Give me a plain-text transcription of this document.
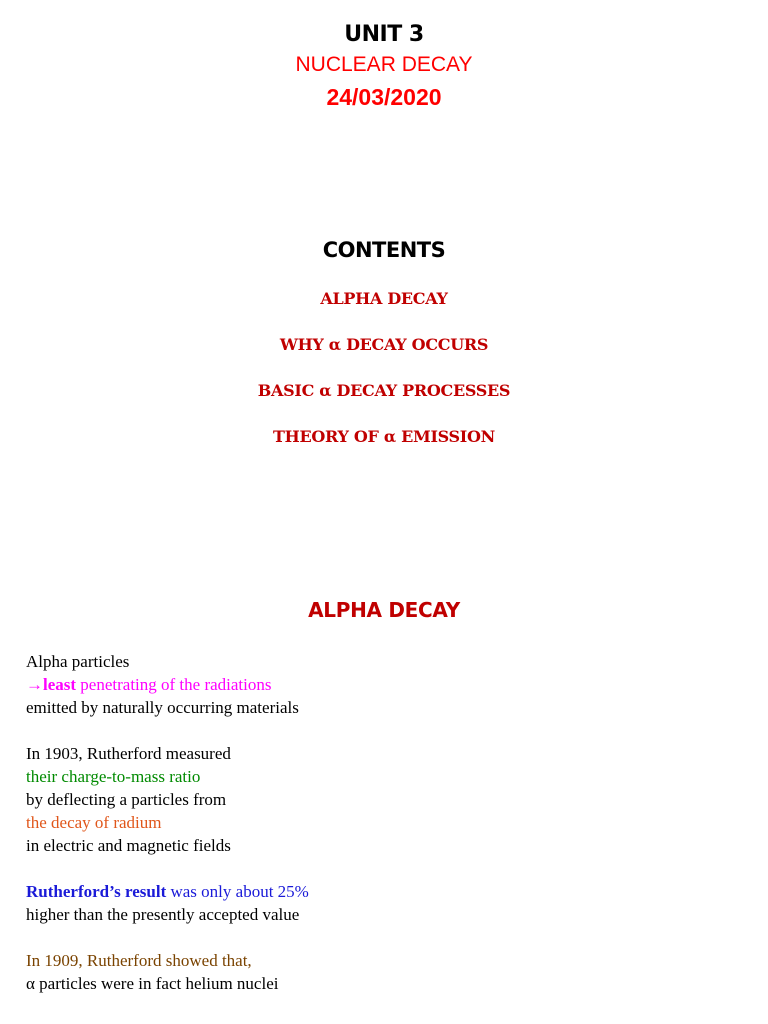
UNIT 3
NUCLEAR DECAY
24/03/2020
CONTENTS
ALPHA DECAY
WHY α DECAY OCCURS
BASIC α DECAY PROCESSES
THEORY OF α EMISSION
ALPHA DECAY
Alpha particles
→least penetrating of the radiations
emitted by naturally occurring materials
In 1903, Rutherford measured
their charge-to-mass ratio
by deflecting a particles from
the decay of radium
in electric and magnetic fields
Rutherford’s result was only about 25%
higher than the presently accepted value
In 1909, Rutherford showed that,
α particles were in fact helium nuclei
